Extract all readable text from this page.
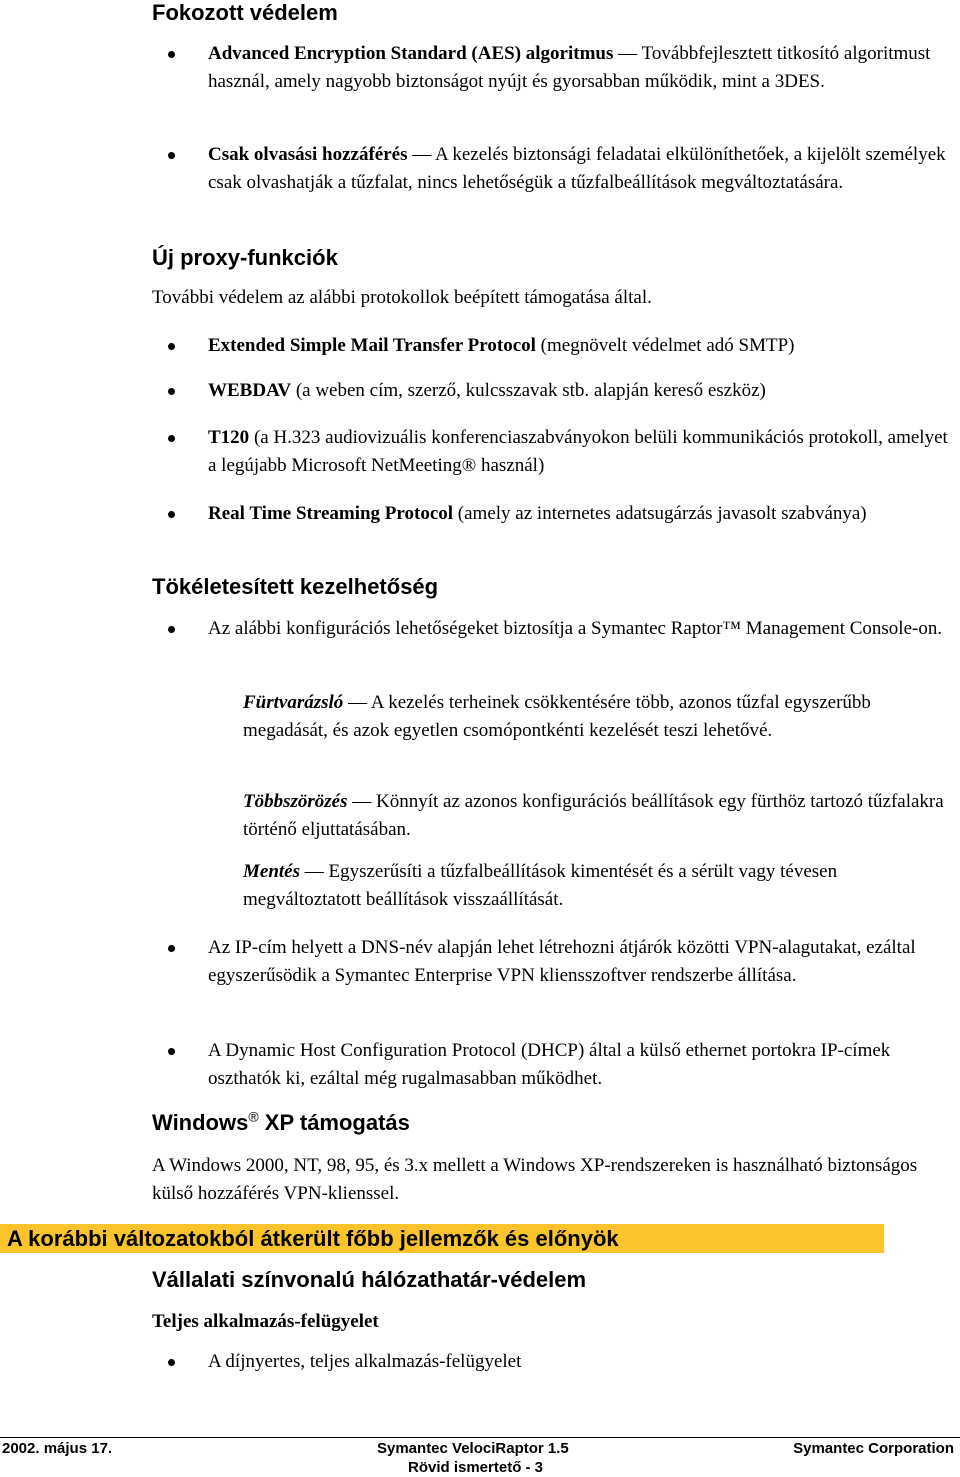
Fokozott védelem
Advanced Encryption Standard (AES) algoritmus — Továbbfejlesztett titkosító algoritmust használ, amely nagyobb biztonságot nyújt és gyorsabban működik, mint a 3DES.
Csak olvasási hozzáférés — A kezelés biztonsági feladatai elkülöníthetőek, a kijelölt személyek csak olvashatják a tűzfalat, nincs lehetőségük a tűzfalbeállítások megváltoztatására.
Új proxy-funkciók
További védelem az alábbi protokollok beépített támogatása által.
Extended Simple Mail Transfer Protocol (megnövelt védelmet adó SMTP)
WEBDAV (a weben cím, szerző, kulcsszavak stb. alapján kereső eszköz)
T120 (a H.323 audiovizuális konferenciaszabványokon belüli kommunikációs protokoll, amelyet a legújabb Microsoft NetMeeting® használ)
Real Time Streaming Protocol (amely az internetes adatsugárzás javasolt szabványa)
Tökéletesített kezelhetőség
Az alábbi konfigurációs lehetőségeket biztosítja a Symantec Raptor™ Management Console-on.
Fürtvarázsló — A kezelés terheinek csökkentésére több, azonos tűzfal egyszerűbb megadását, és azok egyetlen csomópontkénti kezelését teszi lehetővé.
Többszörözés — Könnyít az azonos konfigurációs beállítások egy fürthöz tartozó tűzfalakra történő eljuttatásában.
Mentés — Egyszerűsíti a tűzfalbeállítások kimentését és a sérült vagy tévesen megváltoztatott beállítások visszaállítását.
Az IP-cím helyett a DNS-név alapján lehet létrehozni átjárók közötti VPN-alagutakat, ezáltal egyszerűsödik a Symantec Enterprise VPN kliensszoftver rendszerbe állítása.
A Dynamic Host Configuration Protocol (DHCP) által a külső ethernet portokra IP-címek oszthatók ki, ezáltal még rugalmasabban működhet.
Windows® XP támogatás
A Windows 2000, NT, 98, 95, és 3.x mellett a Windows XP-rendszereken is használható biztonságos külső hozzáférés VPN-klienssel.
A korábbi változatokból átkerült főbb jellemzők és előnyök
Vállalati színvonalú hálózathatár-védelem
Teljes alkalmazás-felügyelet
A díjnyertes, teljes alkalmazás-felügyelet
2002. május 17.	Symantec VelociRaptor 1.5	Symantec Corporation
Rövid ismertető - 3
